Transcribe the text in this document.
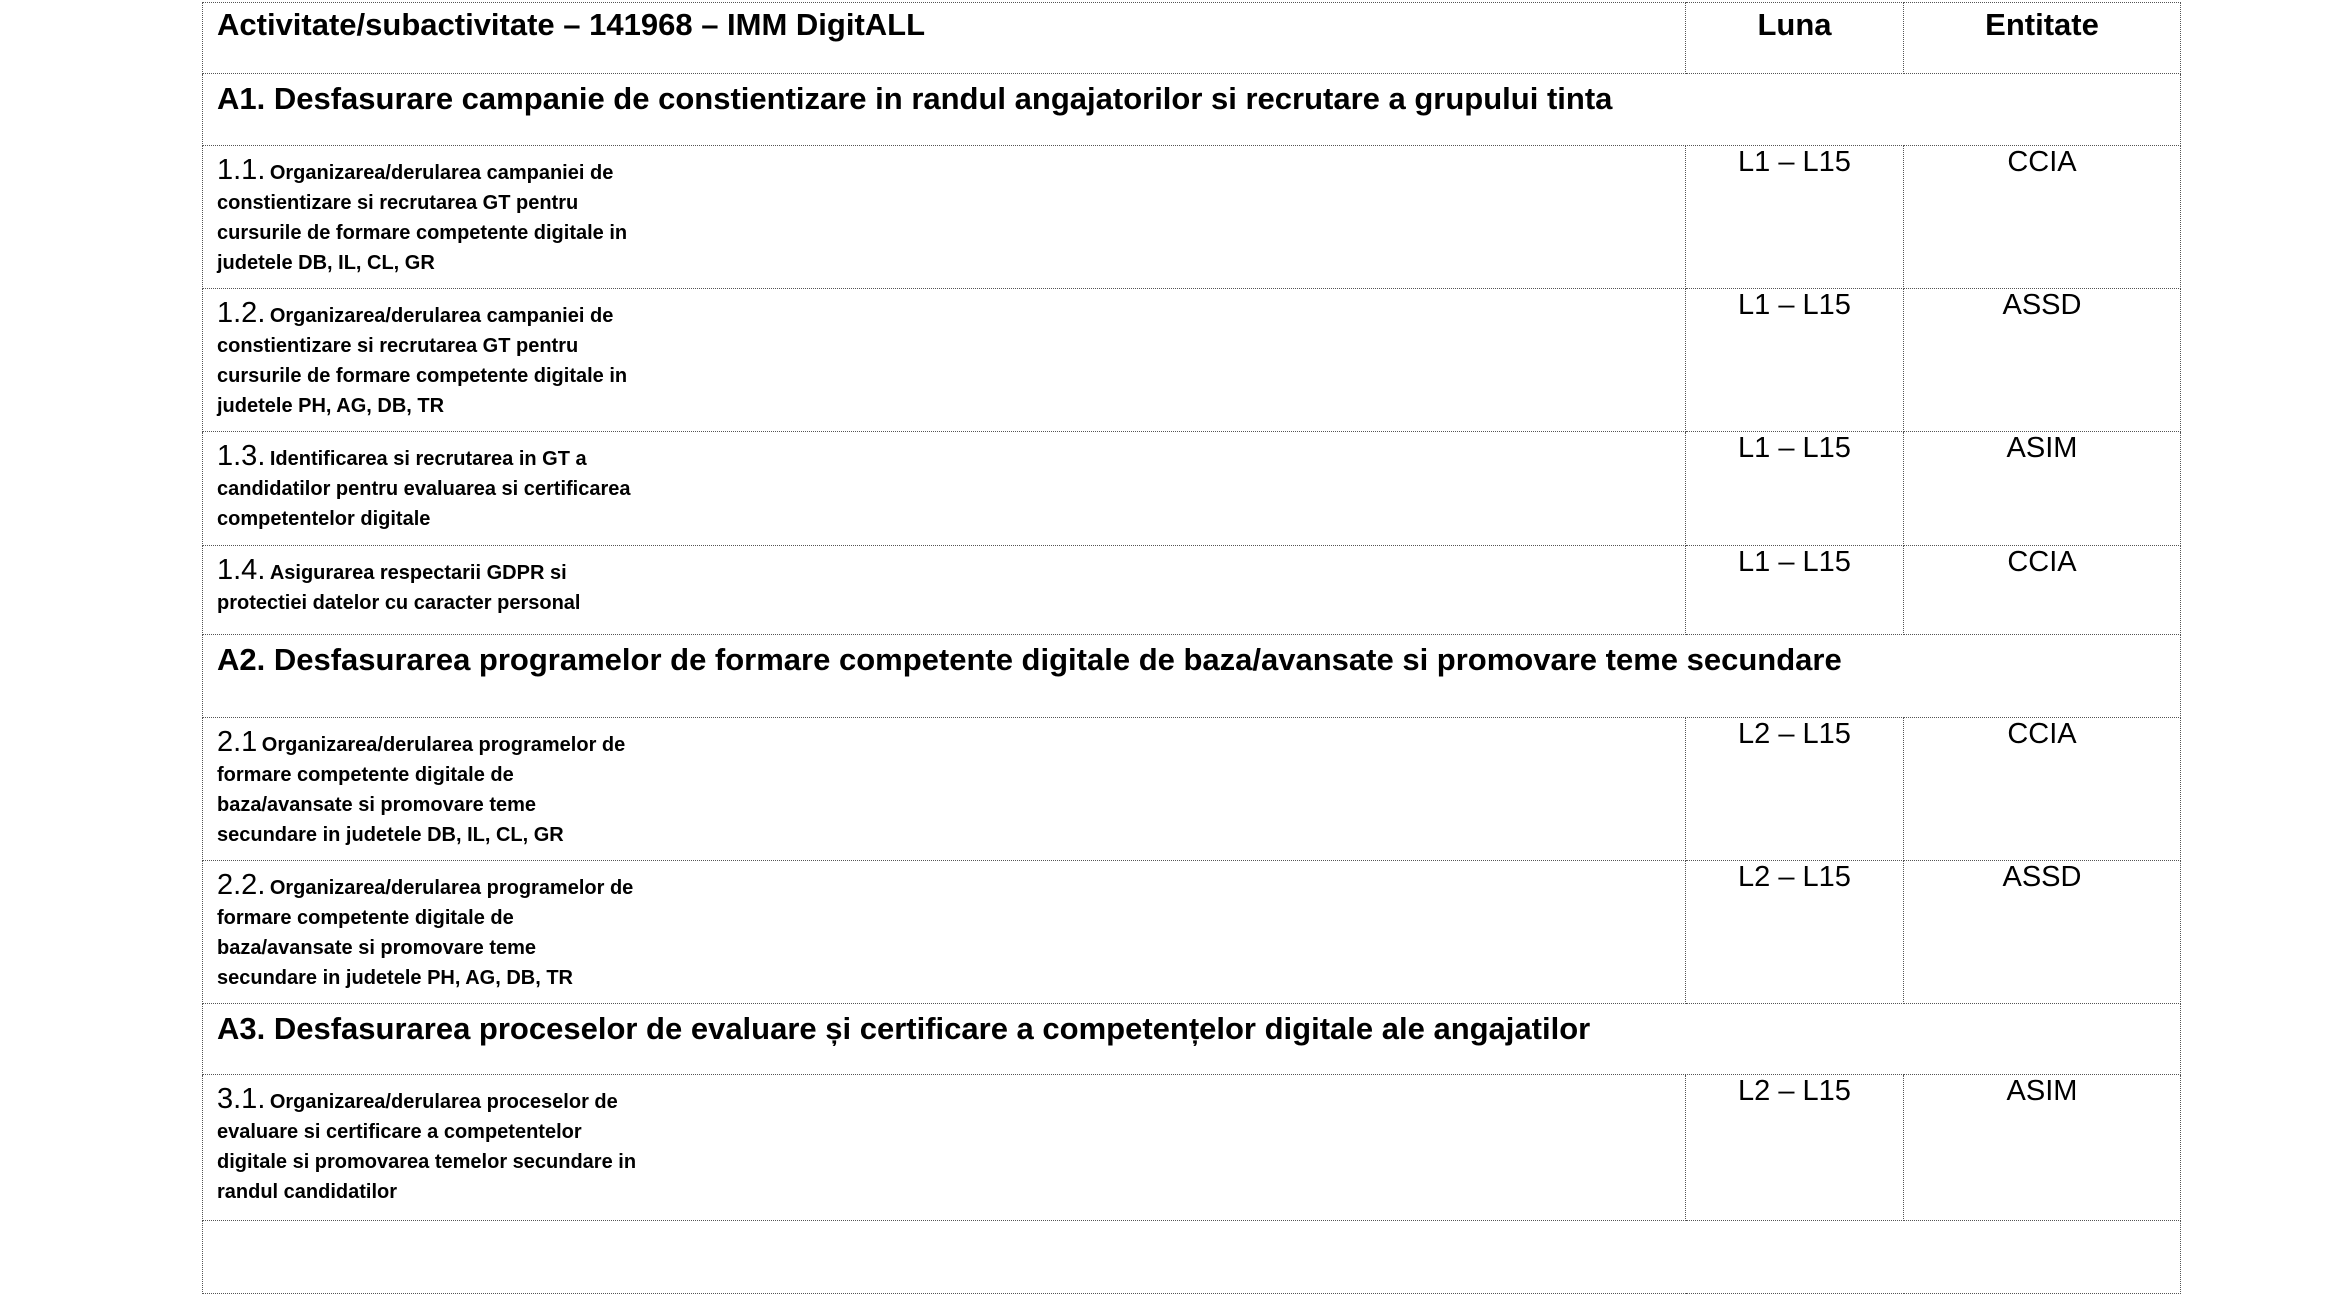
Activitate/subactivitate – 141968 – IMM DigitALL	Luna	Entitate
A1. Desfasurare campanie de constientizare in randul angajatorilor si recrutare a grupului tinta		

1.1. Organizarea/derularea campaniei de constientizare si recrutarea GT pentru cursurile de formare competente digitale in judetele DB, IL, CL, GR	L1 – L15	CCIA

1.2. Organizarea/derularea campaniei de constientizare si recrutarea GT pentru cursurile de formare competente digitale in judetele PH, AG, DB, TR	L1 – L15	ASSD

1.3. Identificarea si recrutarea in GT a candidatilor pentru evaluarea si certificarea competentelor digitale	L1 – L15	ASIM

1.4. Asigurarea respectarii GDPR si protectiei datelor cu caracter personal	L1 – L15	CCIA
A2. Desfasurarea programelor de formare competente digitale de baza/avansate si promovare teme secundare		

2.1 Organizarea/derularea programelor de formare competente digitale de baza/avansate si promovare teme secundare in judetele DB, IL, CL, GR	L2 – L15	CCIA

2.2. Organizarea/derularea programelor de formare competente digitale de baza/avansate si promovare teme secundare in judetele PH, AG, DB, TR	L2 – L15	ASSD
A3. Desfasurarea proceselor de evaluare și certificare a competențelor digitale ale angajatilor		

3.1. Organizarea/derularea proceselor de evaluare si certificare a competentelor digitale si promovarea temelor secundare in randul candidatilor	L2 – L15	ASIM
